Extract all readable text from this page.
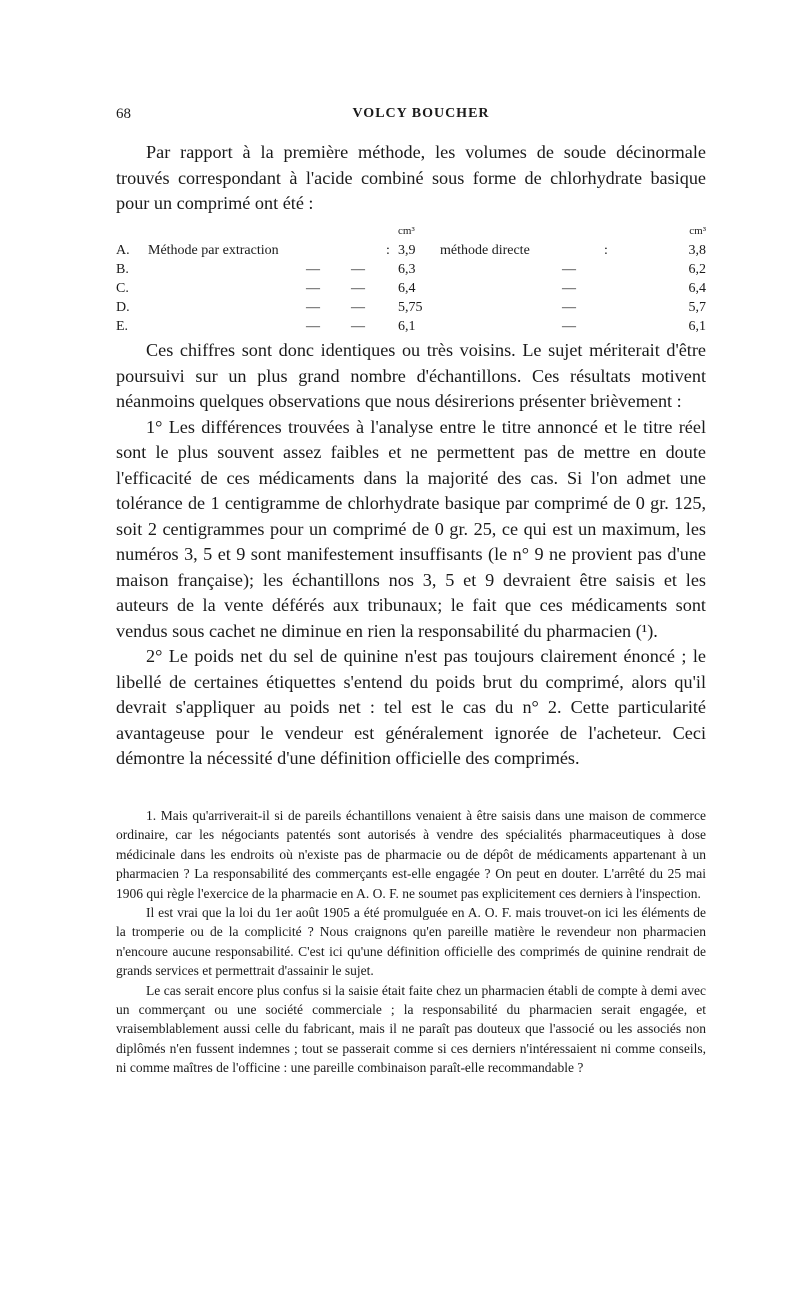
68	VOLCY BOUCHER

Par rapport à la première méthode, les volumes de soude décinormale trouvés correspondant à l'acide combiné sous forme de chlorhydrate basique pour un comprimé ont été :

					cm³				cm³
A.	Méthode par extraction			:	3,9	méthode directe		:	3,8
B.		—	—		6,3		—		6,2
C.		—	—		6,4		—		6,4
D.		—	—		5,75		—		5,7
E.		—	—		6,1		—		6,1

Ces chiffres sont donc identiques ou très voisins. Le sujet mériterait d'être poursuivi sur un plus grand nombre d'échantillons. Ces résultats motivent néanmoins quelques observations que nous désirerions présenter brièvement :

1° Les différences trouvées à l'analyse entre le titre annoncé et le titre réel sont le plus souvent assez faibles et ne permettent pas de mettre en doute l'efficacité de ces médicaments dans la majorité des cas. Si l'on admet une tolérance de 1 centigramme de chlorhydrate basique par comprimé de 0 gr. 125, soit 2 centigrammes pour un comprimé de 0 gr. 25, ce qui est un maximum, les numéros 3, 5 et 9 sont manifestement insuffisants (le n° 9 ne provient pas d'une maison française); les échantillons nos 3, 5 et 9 devraient être saisis et les auteurs de la vente déférés aux tribunaux; le fait que ces médicaments sont vendus sous cachet ne diminue en rien la responsabilité du pharmacien (¹).

2° Le poids net du sel de quinine n'est pas toujours clairement énoncé ; le libellé de certaines étiquettes s'entend du poids brut du comprimé, alors qu'il devrait s'appliquer au poids net : tel est le cas du n° 2. Cette particularité avantageuse pour le vendeur est généralement ignorée de l'acheteur. Ceci démontre la nécessité d'une définition officielle des comprimés.

1. Mais qu'arriverait-il si de pareils échantillons venaient à être saisis dans une maison de commerce ordinaire, car les négociants patentés sont autorisés à vendre des spécialités pharmaceutiques à dose médicinale dans les endroits où n'existe pas de pharmacie ou de dépôt de médicaments appartenant à un pharmacien ? La responsabilité des commerçants est-elle engagée ? On peut en douter. L'arrêté du 25 mai 1906 qui règle l'exercice de la pharmacie en A. O. F. ne soumet pas explicitement ces derniers à l'inspection.

Il est vrai que la loi du 1er août 1905 a été promulguée en A. O. F. mais trouvet-on ici les éléments de la tromperie ou de la complicité ? Nous craignons qu'en pareille matière le revendeur non pharmacien n'encoure aucune responsabilité. C'est ici qu'une définition officielle des comprimés de quinine rendrait de grands services et permettrait d'assainir le sujet.

Le cas serait encore plus confus si la saisie était faite chez un pharmacien établi de compte à demi avec un commerçant ou une société commerciale ; la responsabilité du pharmacien serait engagée, et vraisemblablement aussi celle du fabricant, mais il ne paraît pas douteux que l'associé ou les associés non diplômés n'en fussent indemnes ; tout se passerait comme si ces derniers n'intéressaient ni comme conseils, ni comme maîtres de l'officine : une pareille combinaison paraît-elle recommandable ?
